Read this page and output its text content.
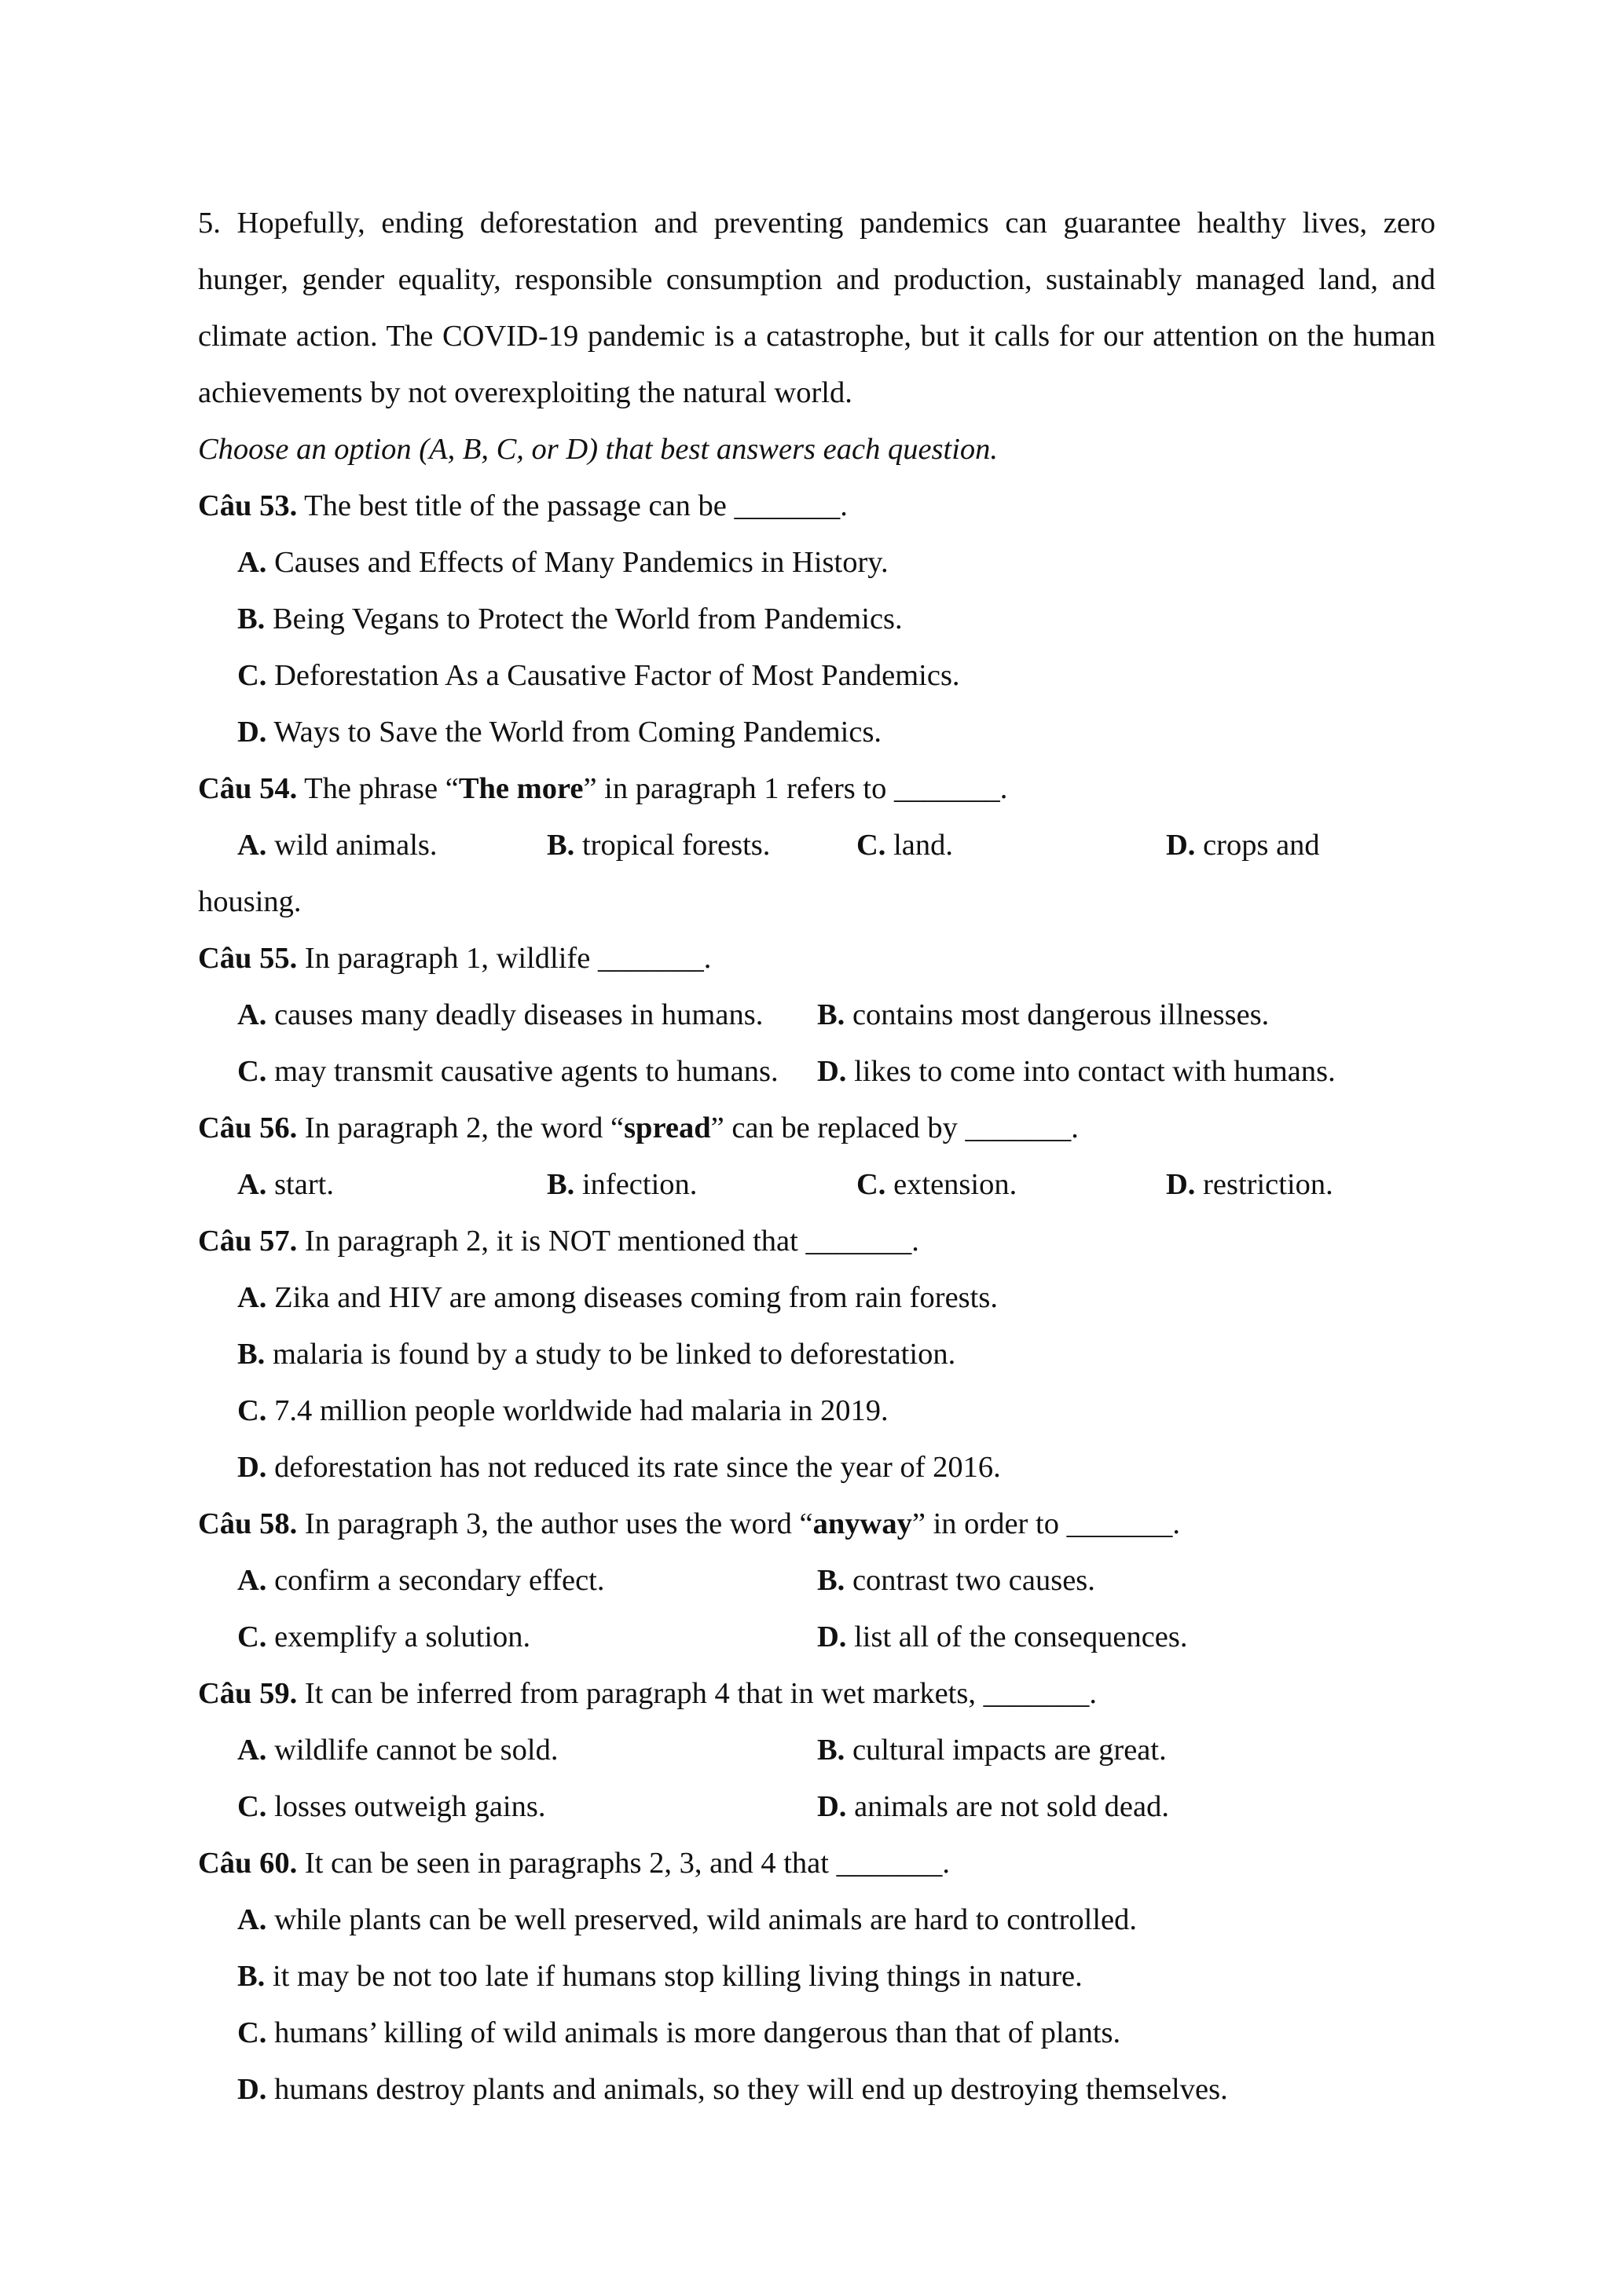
5. Hopefully, ending deforestation and preventing pandemics can guarantee healthy lives, zero hunger, gender equality, responsible consumption and production, sustainably managed land, and climate action. The COVID-19 pandemic is a catastrophe, but it calls for our attention on the human achievements by not overexploiting the natural world.

Choose an option (A, B, C, or D) that best answers each question.

Câu 53. The best title of the passage can be _______.

A. Causes and Effects of Many Pandemics in History.
B. Being Vegans to Protect the World from Pandemics.
C. Deforestation As a Causative Factor of Most Pandemics.
D. Ways to Save the World from Coming Pandemics.

Câu 54. The phrase “The more” in paragraph 1 refers to _______.

A. wild animals.	B. tropical forests.	C. land.	D. crops and

housing.

Câu 55. In paragraph 1, wildlife _______.

A. causes many deadly diseases in humans.	B. contains most dangerous illnesses.
C. may transmit causative agents to humans.	D. likes to come into contact with humans.

Câu 56. In paragraph 2, the word “spread” can be replaced by _______.

A. start.	B. infection.	C. extension.	D. restriction.

Câu 57. In paragraph 2, it is NOT mentioned that _______.

A. Zika and HIV are among diseases coming from rain forests.
B. malaria is found by a study to be linked to deforestation.
C. 7.4 million people worldwide had malaria in 2019.
D. deforestation has not reduced its rate since the year of 2016.

Câu 58. In paragraph 3, the author uses the word “anyway” in order to _______.

A. confirm a secondary effect.	B. contrast two causes.
C. exemplify a solution.	D. list all of the consequences.

Câu 59. It can be inferred from paragraph 4 that in wet markets, _______.

A. wildlife cannot be sold.	B. cultural impacts are great.
C. losses outweigh gains.	D. animals are not sold dead.

Câu 60. It can be seen in paragraphs 2, 3, and 4 that _______.

A. while plants can be well preserved, wild animals are hard to controlled.
B. it may be not too late if humans stop killing living things in nature.
C. humans’ killing of wild animals is more dangerous than that of plants.
D. humans destroy plants and animals, so they will end up destroying themselves.
